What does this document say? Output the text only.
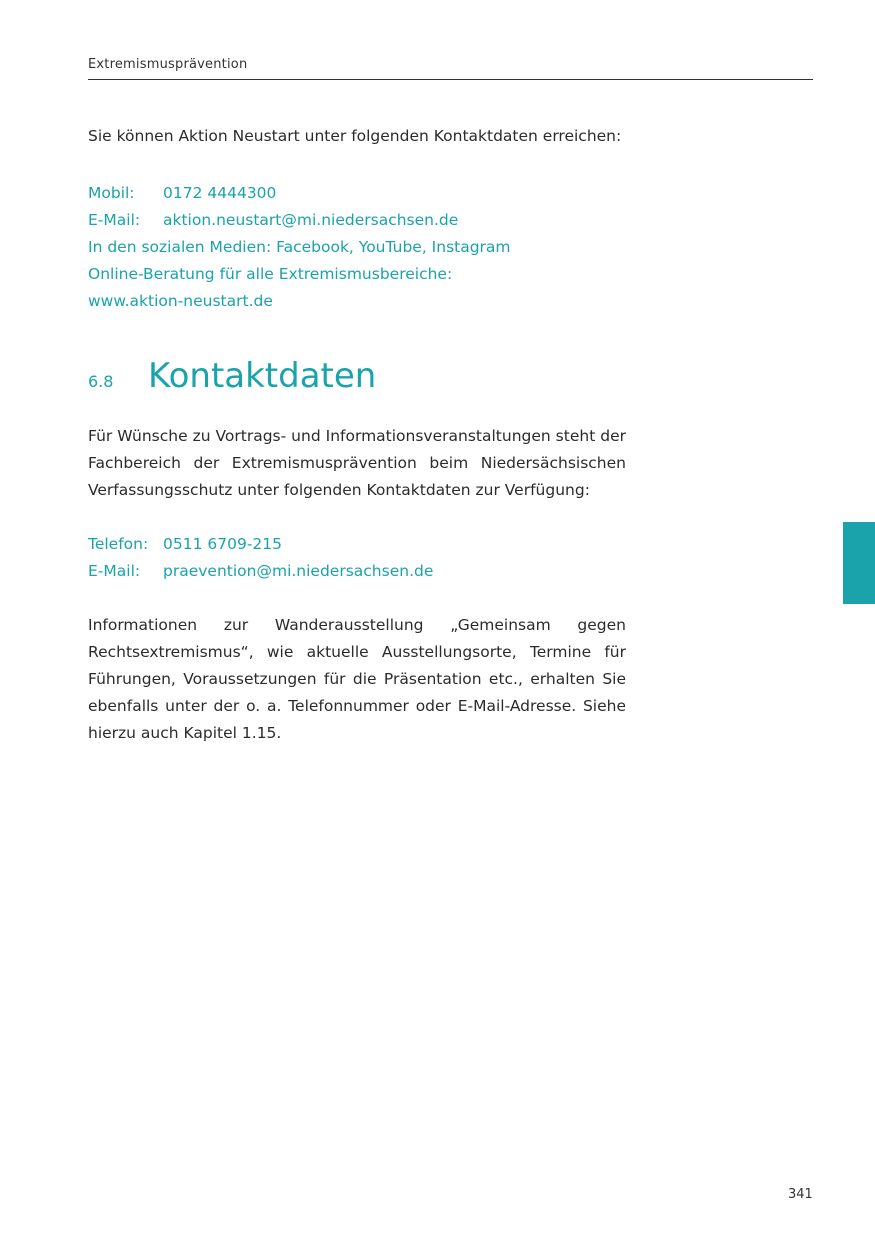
Extremismusprävention
Sie können Aktion Neustart unter folgenden Kontaktdaten erreichen:
Mobil:	0172 4444300
E-Mail:	aktion.neustart@mi.niedersachsen.de
In den sozialen Medien: Facebook, YouTube, Instagram
Online-Beratung für alle Extremismusbereiche:
www.aktion-neustart.de
6.8	Kontaktdaten

Für Wünsche zu Vortrags- und Informationsveranstaltungen steht der Fachbereich der Extremismusprävention beim Niedersächsischen Verfassungsschutz unter folgenden Kontaktdaten zur Verfügung:

Telefon: 0511 6709-215
E-Mail:	praevention@mi.niedersachsen.de

Informationen zur Wanderausstellung „Gemeinsam gegen Rechtsextremismus“, wie aktuelle Ausstellungsorte, Termine für Führungen, Voraussetzungen für die Präsentation etc., erhalten Sie ebenfalls unter der o. a. Telefonnummer oder E-Mail-Adresse. Siehe hierzu auch Kapitel 1.15.

341
